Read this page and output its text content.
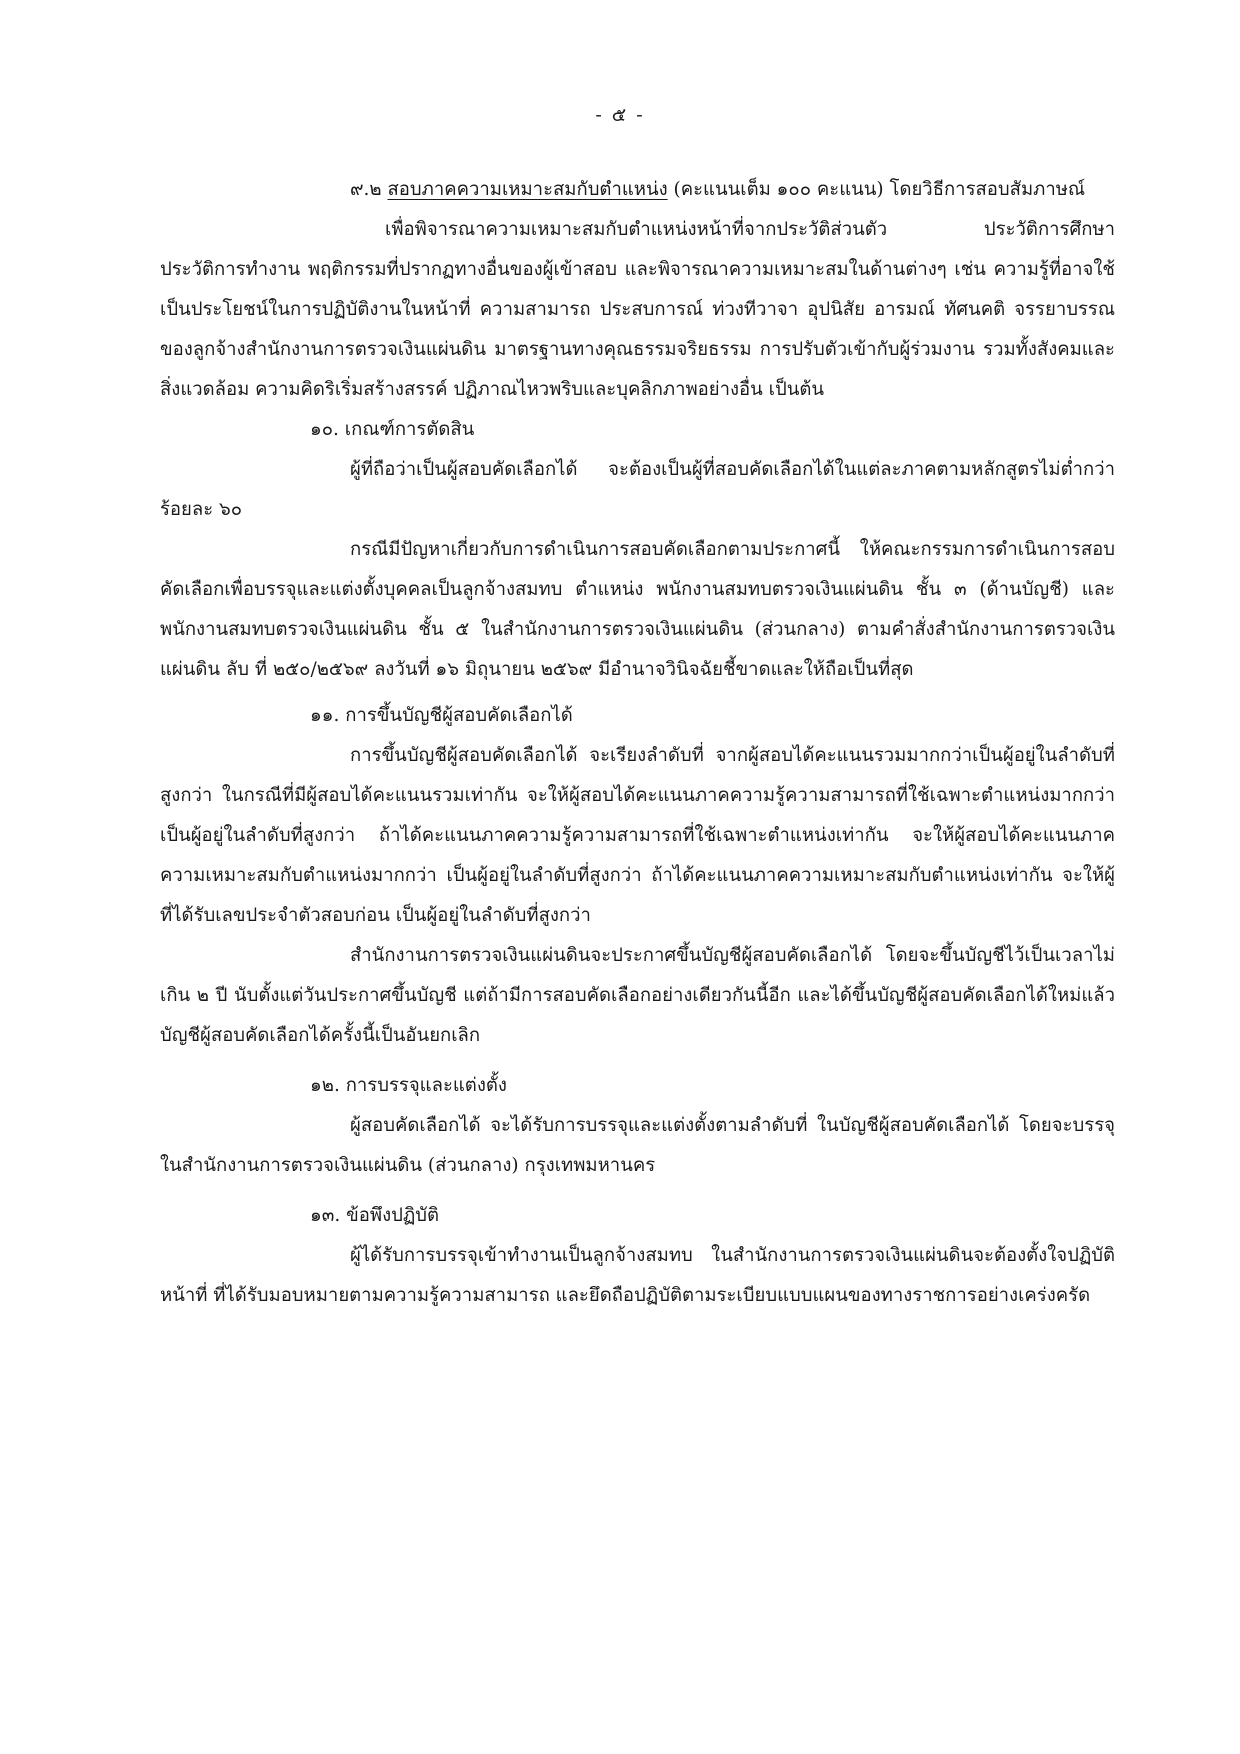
- ๕ -

๙.๒ สอบภาคความเหมาะสมกับตำแหน่ง (คะแนนเต็ม ๑๐๐ คะแนน) โดยวิธีการสอบสัมภาษณ์

เพื่อพิจารณาความเหมาะสมกับตำแหน่งหน้าที่จากประวัติส่วนตัว ประวัติการศึกษา ประวัติการทำงาน พฤติกรรมที่ปรากฏทางอื่นของผู้เข้าสอบ และพิจารณาความเหมาะสมในด้านต่างๆ เช่น ความรู้ที่อาจใช้เป็นประโยชน์ในการปฏิบัติงานในหน้าที่ ความสามารถ ประสบการณ์ ท่วงทีวาจา อุปนิสัย อารมณ์ ทัศนคติ จรรยาบรรณของลูกจ้างสำนักงานการตรวจเงินแผ่นดิน มาตรฐานทางคุณธรรมจริยธรรม การปรับตัวเข้ากับผู้ร่วมงาน รวมทั้งสังคมและสิ่งแวดล้อม ความคิดริเริ่มสร้างสรรค์ ปฏิภาณไหวพริบและบุคลิกภาพอย่างอื่น เป็นต้น

๑๐. เกณฑ์การตัดสิน

ผู้ที่ถือว่าเป็นผู้สอบคัดเลือกได้ จะต้องเป็นผู้ที่สอบคัดเลือกได้ในแต่ละภาคตามหลักสูตรไม่ต่ำกว่าร้อยละ ๖๐

กรณีมีปัญหาเกี่ยวกับการดำเนินการสอบคัดเลือกตามประกาศนี้ ให้คณะกรรมการดำเนินการสอบคัดเลือกเพื่อบรรจุและแต่งตั้งบุคคลเป็นลูกจ้างสมทบ ตำแหน่ง พนักงานสมทบตรวจเงินแผ่นดิน ชั้น ๓ (ด้านบัญชี) และพนักงานสมทบตรวจเงินแผ่นดิน ชั้น ๕ ในสำนักงานการตรวจเงินแผ่นดิน (ส่วนกลาง) ตามคำสั่งสำนักงานการตรวจเงินแผ่นดิน ลับ ที่ ๒๕๐/๒๕๖๙ ลงวันที่ ๑๖ มิถุนายน ๒๕๖๙ มีอำนาจวินิจฉัยชี้ขาดและให้ถือเป็นที่สุด

๑๑. การขึ้นบัญชีผู้สอบคัดเลือกได้

การขึ้นบัญชีผู้สอบคัดเลือกได้ จะเรียงลำดับที่ จากผู้สอบได้คะแนนรวมมากกว่าเป็นผู้อยู่ในลำดับที่สูงกว่า ในกรณีที่มีผู้สอบได้คะแนนรวมเท่ากัน จะให้ผู้สอบได้คะแนนภาคความรู้ความสามารถที่ใช้เฉพาะตำแหน่งมากกว่า เป็นผู้อยู่ในลำดับที่สูงกว่า ถ้าได้คะแนนภาคความรู้ความสามารถที่ใช้เฉพาะตำแหน่งเท่ากัน จะให้ผู้สอบได้คะแนนภาคความเหมาะสมกับตำแหน่งมากกว่า เป็นผู้อยู่ในลำดับที่สูงกว่า ถ้าได้คะแนนภาคความเหมาะสมกับตำแหน่งเท่ากัน จะให้ผู้ที่ได้รับเลขประจำตัวสอบก่อน เป็นผู้อยู่ในลำดับที่สูงกว่า

สำนักงานการตรวจเงินแผ่นดินจะประกาศขึ้นบัญชีผู้สอบคัดเลือกได้ โดยจะขึ้นบัญชีไว้เป็นเวลาไม่เกิน ๒ ปี นับตั้งแต่วันประกาศขึ้นบัญชี แต่ถ้ามีการสอบคัดเลือกอย่างเดียวกันนี้อีก และได้ขึ้นบัญชีผู้สอบคัดเลือกได้ใหม่แล้ว บัญชีผู้สอบคัดเลือกได้ครั้งนี้เป็นอันยกเลิก

๑๒. การบรรจุและแต่งตั้ง

ผู้สอบคัดเลือกได้ จะได้รับการบรรจุและแต่งตั้งตามลำดับที่ ในบัญชีผู้สอบคัดเลือกได้ โดยจะบรรจุในสำนักงานการตรวจเงินแผ่นดิน (ส่วนกลาง) กรุงเทพมหานคร

๑๓. ข้อพึงปฏิบัติ

ผู้ได้รับการบรรจุเข้าทำงานเป็นลูกจ้างสมทบ ในสำนักงานการตรวจเงินแผ่นดินจะต้องตั้งใจปฏิบัติหน้าที่ ที่ได้รับมอบหมายตามความรู้ความสามารถ และยึดถือปฏิบัติตามระเบียบแบบแผนของทางราชการอย่างเคร่งครัด
